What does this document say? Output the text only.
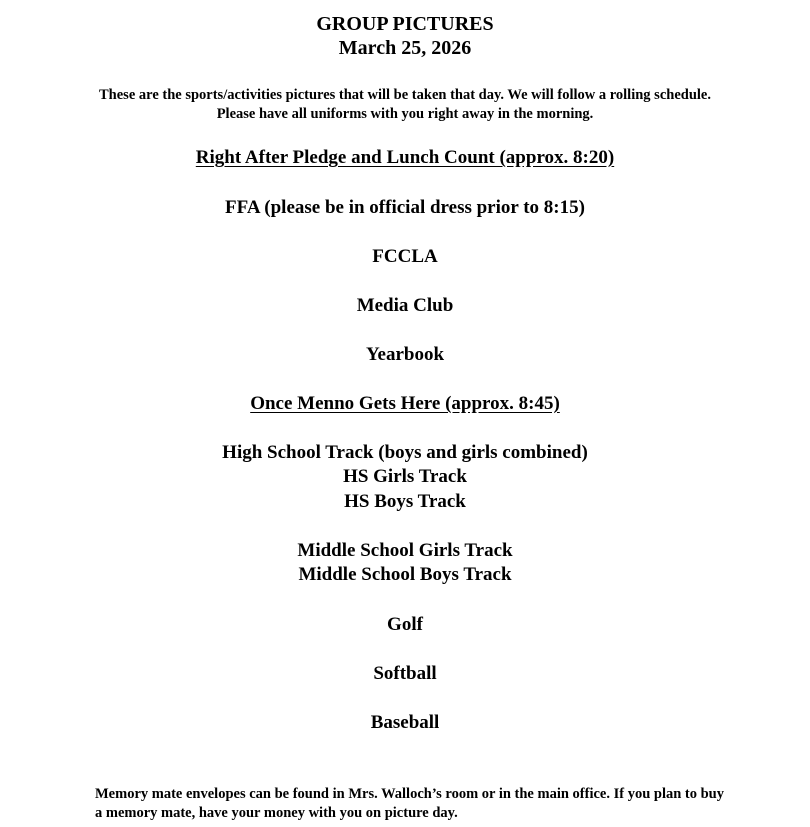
GROUP PICTURES
March 25, 2026
These are the sports/activities pictures that will be taken that day. We will follow a rolling schedule. Please have all uniforms with you right away in the morning.
Right After Pledge and Lunch Count (approx. 8:20)
FFA (please be in official dress prior to 8:15)
FCCLA
Media Club
Yearbook
Once Menno Gets Here (approx. 8:45)
High School Track (boys and girls combined)
HS Girls Track
HS Boys Track
Middle School Girls Track
Middle School Boys Track
Golf
Softball
Baseball
Memory mate envelopes can be found in Mrs. Walloch’s room or in the main office. If you plan to buy a memory mate, have your money with you on picture day.
